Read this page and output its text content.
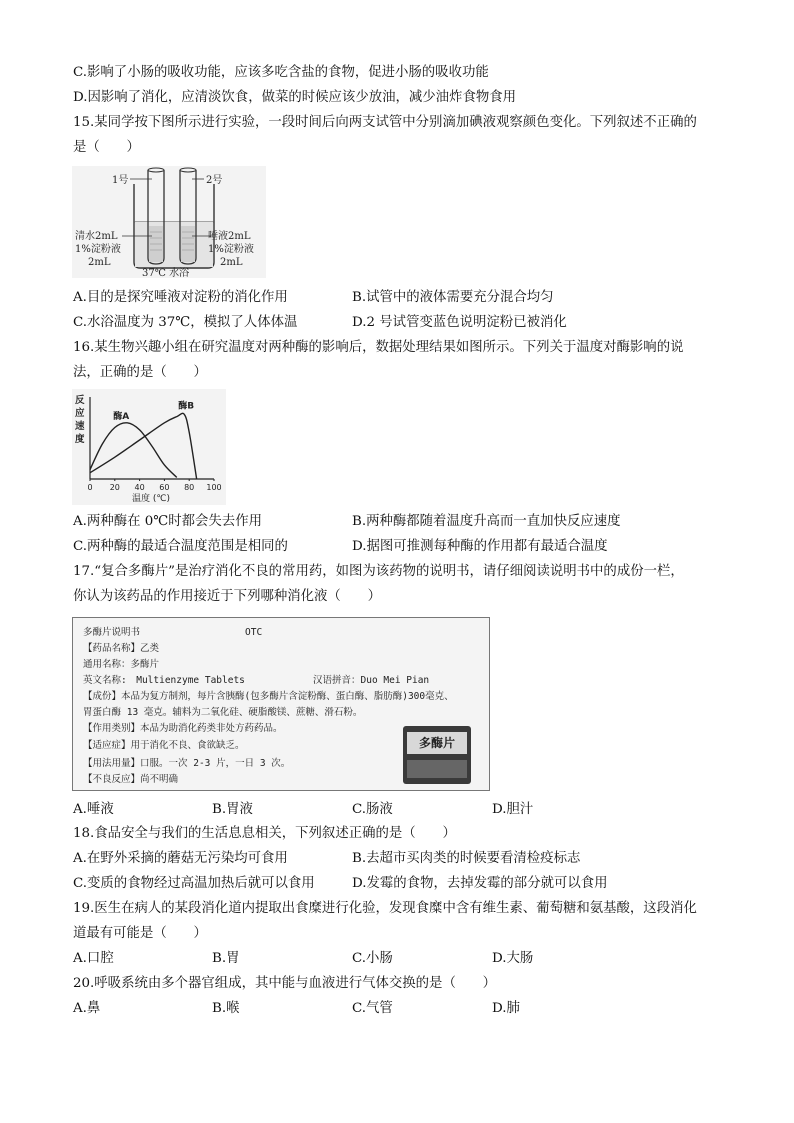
C.影响了小肠的吸收功能，应该多吃含盐的食物，促进小肠的吸收功能
D.因影响了消化，应清淡饮食，做菜的时候应该少放油，减少油炸食物食用
15.某同学按下图所示进行实验，一段时间后向两支试管中分别滴加碘液观察颜色变化。下列叙述不正确的
是（　　）
1号	2号
清水2mL
1%淀粉液
2mL
唾液2mL
1%淀粉液
2mL
37℃ 水浴
A.目的是探究唾液对淀粉的消化作用	B.试管中的液体需要充分混合均匀
C.水浴温度为 37℃，模拟了人体体温	D.2 号试管变蓝色说明淀粉已被消化
16.某生物兴趣小组在研究温度对两种酶的影响后，数据处理结果如图所示。下列关于温度对酶影响的说
法，正确的是（　　）
反
应
速
度
0 20 40 60 80 100
酶A
酶B
温度 (℃)
A.两种酶在 0℃时都会失去作用	B.两种酶都随着温度升高而一直加快反应速度
C.两种酶的最适合温度范围是相同的	D.据图可推测每种酶的作用都有最适合温度
17.“复合多酶片”是治疗消化不良的常用药，如图为该药物的说明书，请仔细阅读说明书中的成份一栏，
你认为该药品的作用接近于下列哪种消化液（　　）
多酶片说明书	OTC
【药品名称】乙类
通用名称：多酶片
英文名称:　Multienzyme Tablets	汉语拼音：Duo Mei Pian
【成份】本品为复方制剂，每片含胰酶(包多酶片含淀粉酶、蛋白酶、脂肪酶)300毫克、
胃蛋白酶 13 毫克。辅料为二氧化硅、硬脂酸镁、蔗糖、滑石粉。
【作用类别】本品为助消化药类非处方药药品。
【适应症】用于消化不良、食欲缺乏。
【用法用量】口服。一次 2-3 片，一日 3 次。
【不良反应】尚不明确
多酶片
A.唾液	B.胃液	C.肠液	D.胆汁
18.食品安全与我们的生活息息相关，下列叙述正确的是（　　）
A.在野外采摘的蘑菇无污染均可食用	B.去超市买肉类的时候要看清检疫标志
C.变质的食物经过高温加热后就可以食用	D.发霉的食物，去掉发霉的部分就可以食用
19.医生在病人的某段消化道内提取出食糜进行化验，发现食糜中含有维生素、葡萄糖和氨基酸，这段消化
道最有可能是（　　）
A.口腔	B.胃	C.小肠	D.大肠
20.呼吸系统由多个器官组成，其中能与血液进行气体交换的是（　　）
A.鼻	B.喉	C.气管	D.肺
